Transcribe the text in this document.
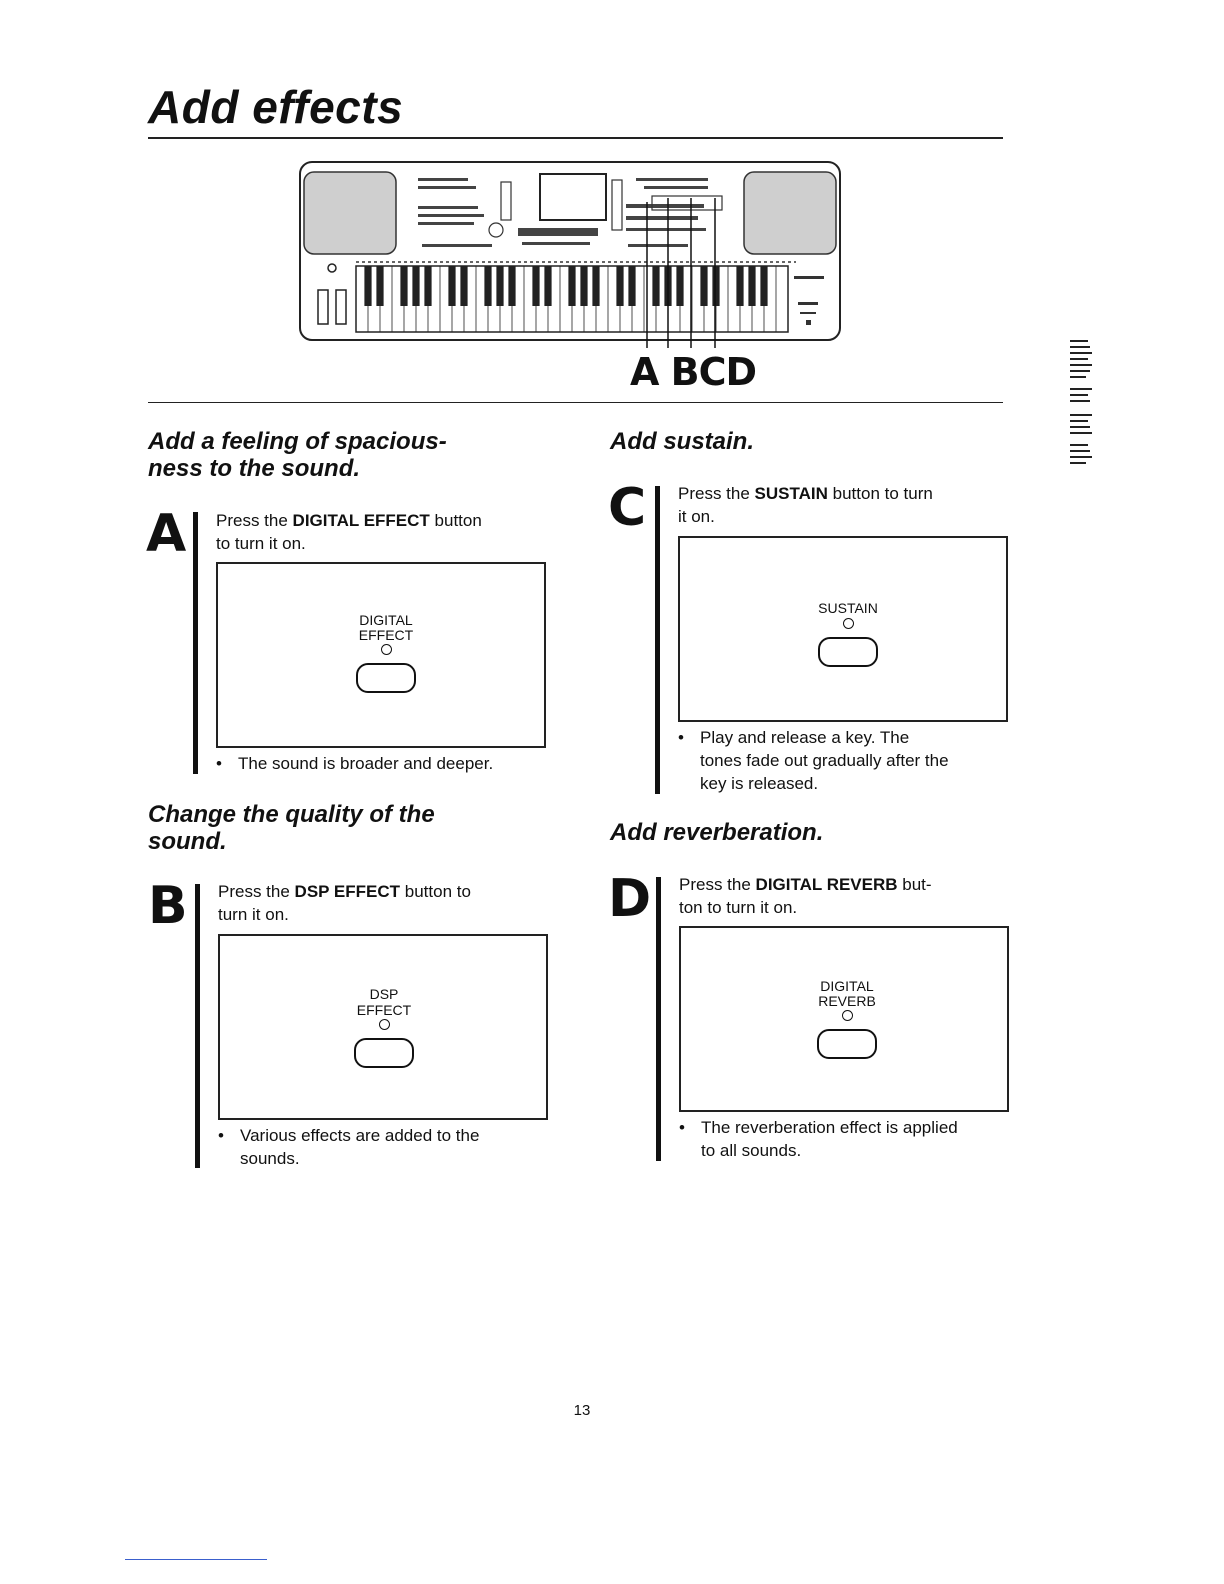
Add effects
A BCD
Add a feeling of spacious-
ness to the sound.
A Press the DIGITAL EFFECT button
to turn it on.
DIGITAL
EFFECT
• The sound is broader and deeper.
Change the quality of the
sound.
B Press the DSP EFFECT button to
turn it on.
DSP
EFFECT
• Various effects are added to the
sounds.
Add sustain.
C Press the SUSTAIN button to turn
it on.
SUSTAIN
• Play and release a key. The
tones fade out gradually after the
key is released.
Add reverberation.
D Press the DIGITAL REVERB but-
ton to turn it on.
DIGITAL
REVERB
• The reverberation effect is applied
to all sounds.
13
